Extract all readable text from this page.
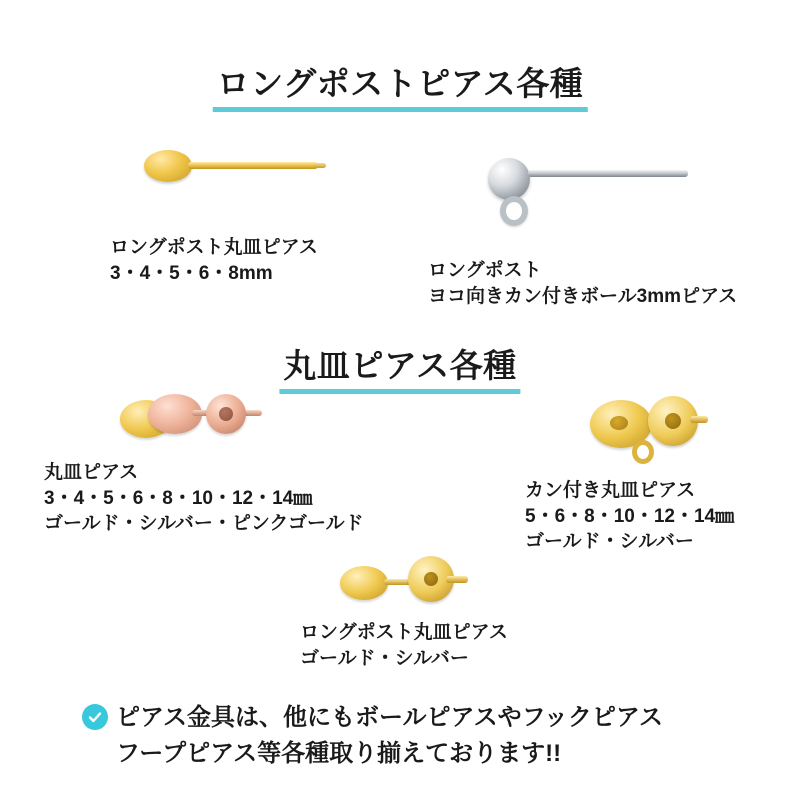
ロングポストピアス各種
ロングポスト丸皿ピアス
3・4・5・6・8mm	ロングポスト
ヨコ向きカン付きボール3mmピアス
丸皿ピアス各種
丸皿ピアス
3・4・5・6・8・10・12・14㎜
ゴールド・シルバー・ピンクゴールド
カン付き丸皿ピアス
5・6・8・10・12・14㎜
ゴールド・シルバー
ロングポスト丸皿ピアス
ゴールド・シルバー
ピアス金具は、他にもボールピアスやフックピアス
フープピアス等各種取り揃えております!!
